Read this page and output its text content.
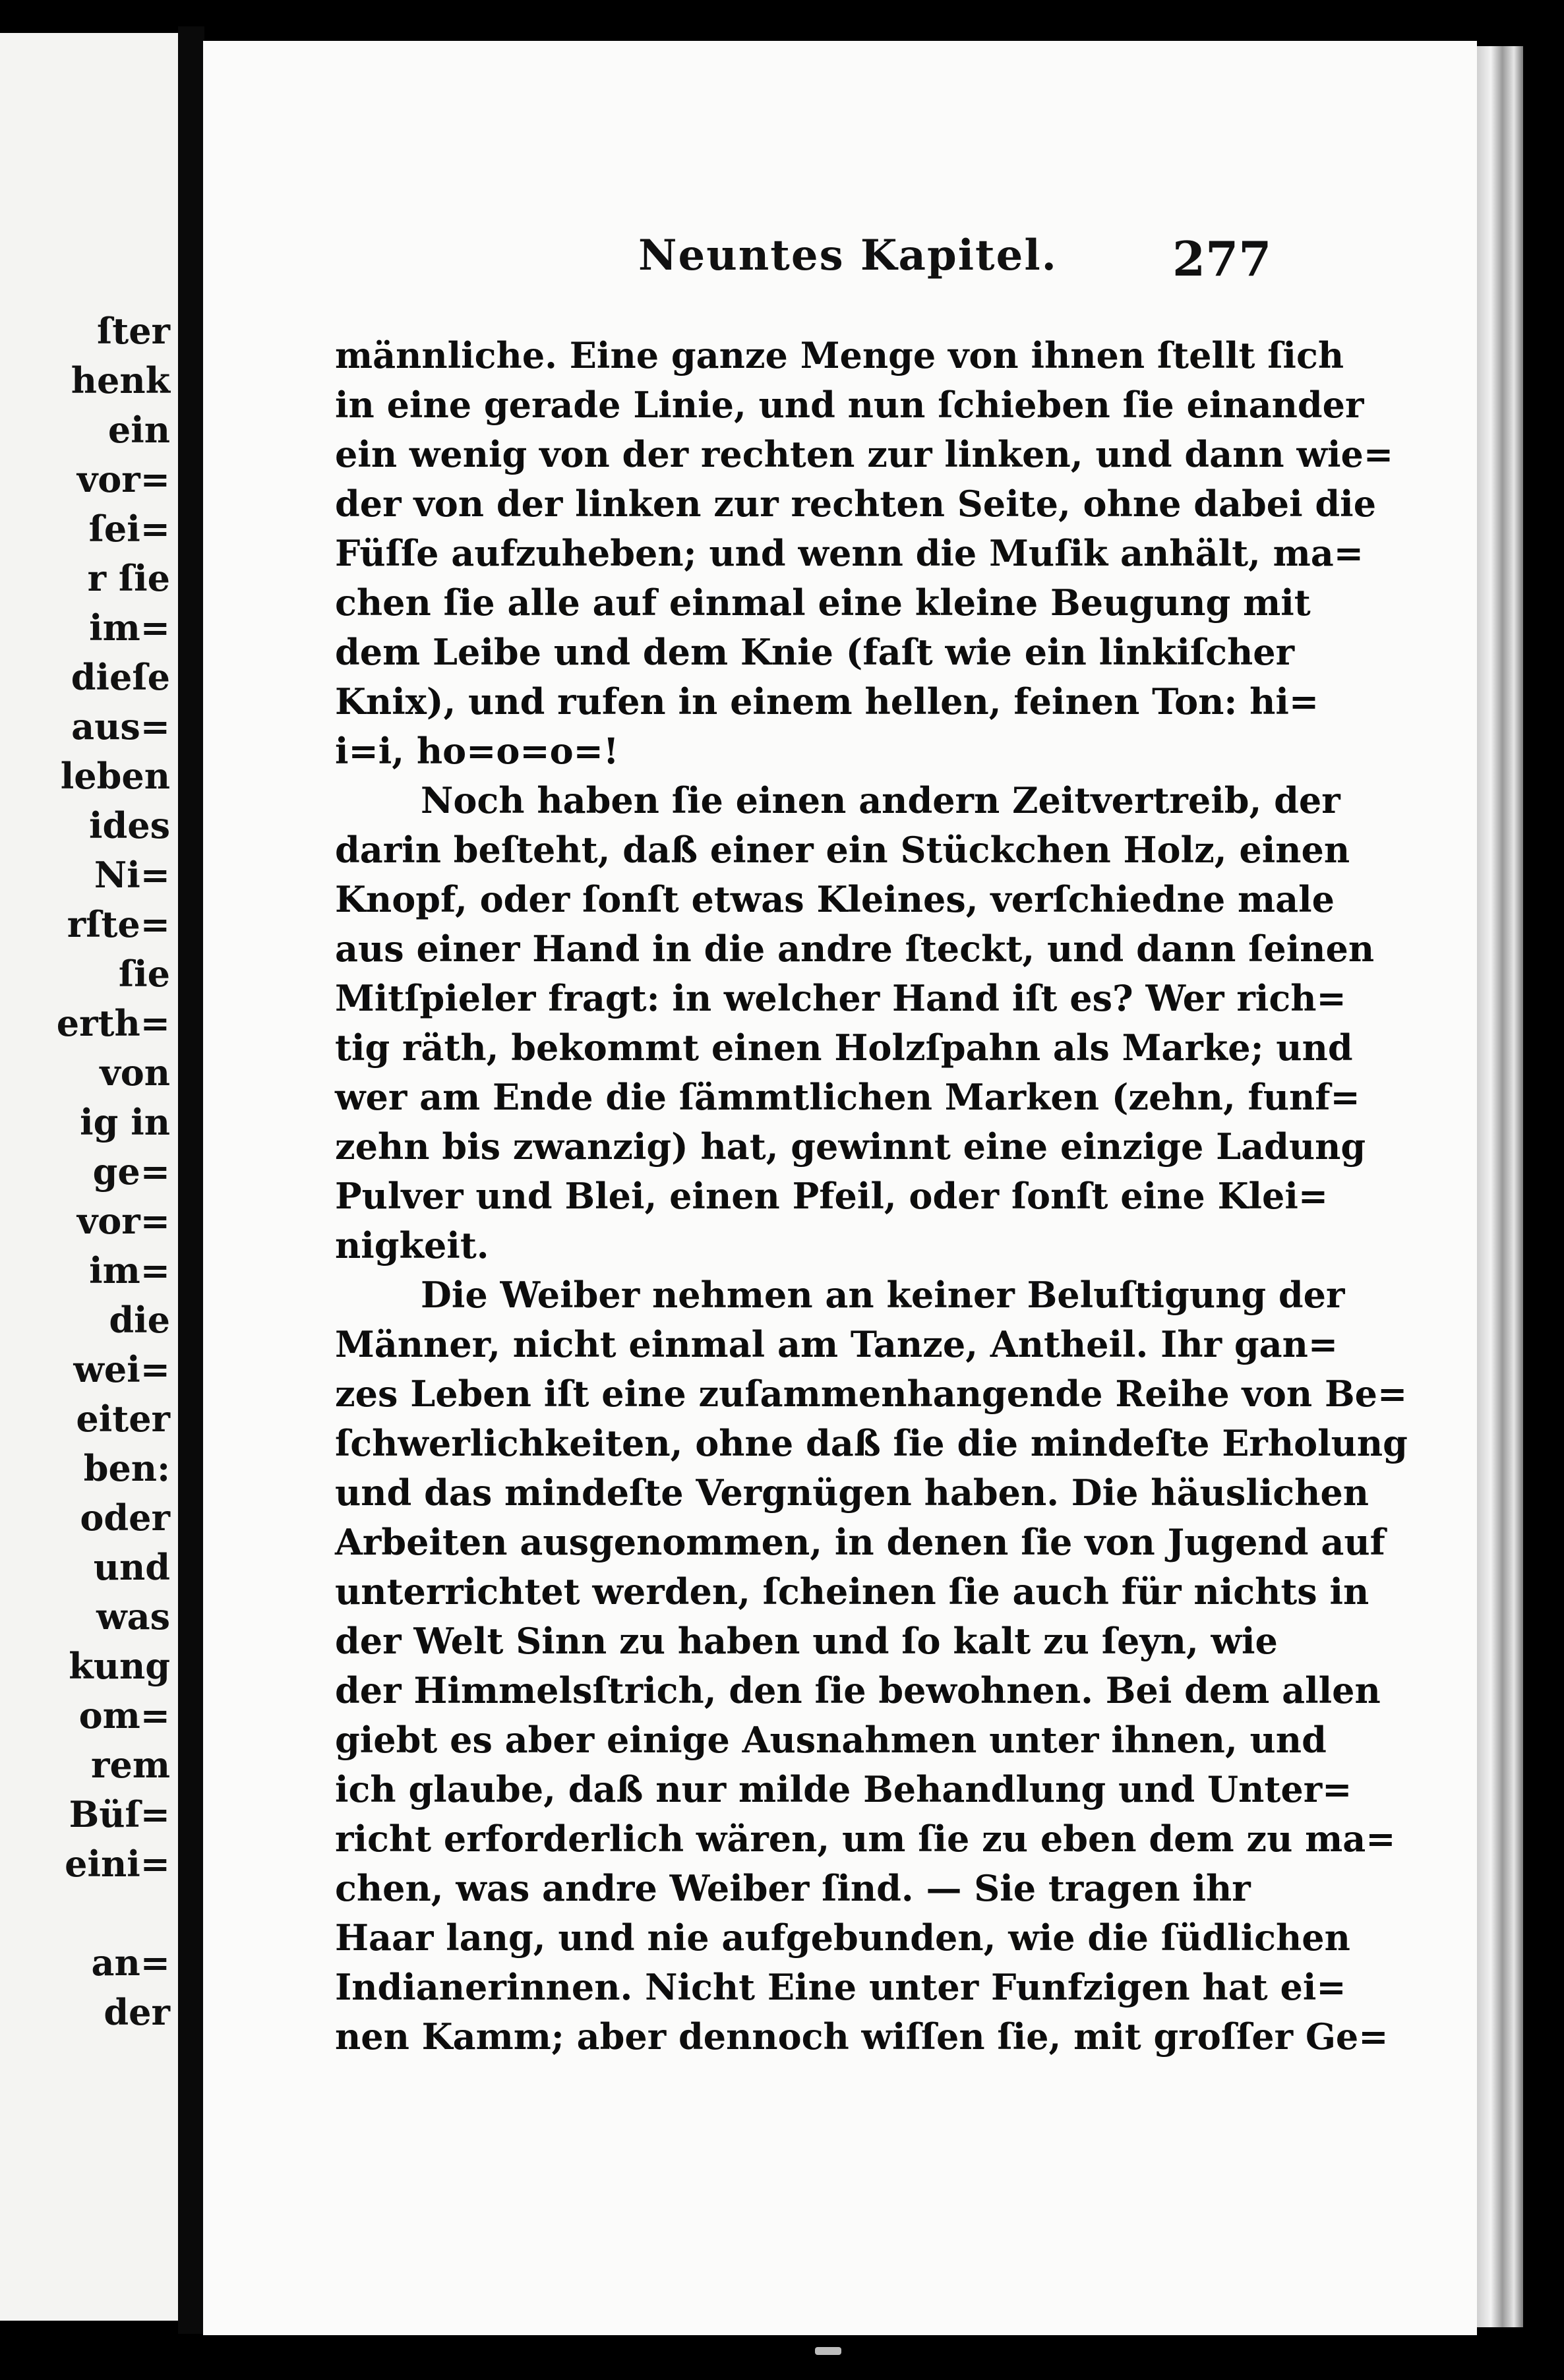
ſter
henk
ein
vor=
ſei=
r ſie
im=
dieſe
aus=
leben
ides
Ni=
rſte=
ſie
erth=
von
ig in
ge=
vor=
im=
die
wei=
eiter
ben:
oder
und
was
kung
om=
rem
Büſ=
eini=
an=
der
Neuntes Kapitel. 277
männliche. Eine ganze Menge von ihnen ſtellt ſich
in eine gerade Linie, und nun ſchieben ſie einander
ein wenig von der rechten zur linken, und dann wie=
der von der linken zur rechten Seite, ohne dabei die
Füſſe aufzuheben; und wenn die Muſik anhält, ma=
chen ſie alle auf einmal eine kleine Beugung mit
dem Leibe und dem Knie (faſt wie ein linkiſcher
Knix), und rufen in einem hellen, feinen Ton: hi=
i=i, ho=o=o=!
Noch haben ſie einen andern Zeitvertreib, der
darin beſteht, daß einer ein Stückchen Holz, einen
Knopf, oder ſonſt etwas Kleines, verſchiedne male
aus einer Hand in die andre ſteckt, und dann ſeinen
Mitſpieler fragt: in welcher Hand iſt es? Wer rich=
tig räth, bekommt einen Holzſpahn als Marke; und
wer am Ende die ſämmtlichen Marken (zehn, funf=
zehn bis zwanzig) hat, gewinnt eine einzige Ladung
Pulver und Blei, einen Pfeil, oder ſonſt eine Klei=
nigkeit.
Die Weiber nehmen an keiner Beluſtigung der
Männer, nicht einmal am Tanze, Antheil. Ihr gan=
zes Leben iſt eine zuſammenhangende Reihe von Be=
ſchwerlichkeiten, ohne daß ſie die mindeſte Erholung
und das mindeſte Vergnügen haben. Die häuslichen
Arbeiten ausgenommen, in denen ſie von Jugend auf
unterrichtet werden, ſcheinen ſie auch für nichts in
der Welt Sinn zu haben und ſo kalt zu ſeyn, wie
der Himmelsſtrich, den ſie bewohnen. Bei dem allen
giebt es aber einige Ausnahmen unter ihnen, und
ich glaube, daß nur milde Behandlung und Unter=
richt erforderlich wären, um ſie zu eben dem zu ma=
chen, was andre Weiber ſind. — Sie tragen ihr
Haar lang, und nie aufgebunden, wie die ſüdlichen
Indianerinnen. Nicht Eine unter Funfzigen hat ei=
nen Kamm; aber dennoch wiſſen ſie, mit groſſer Ge=
